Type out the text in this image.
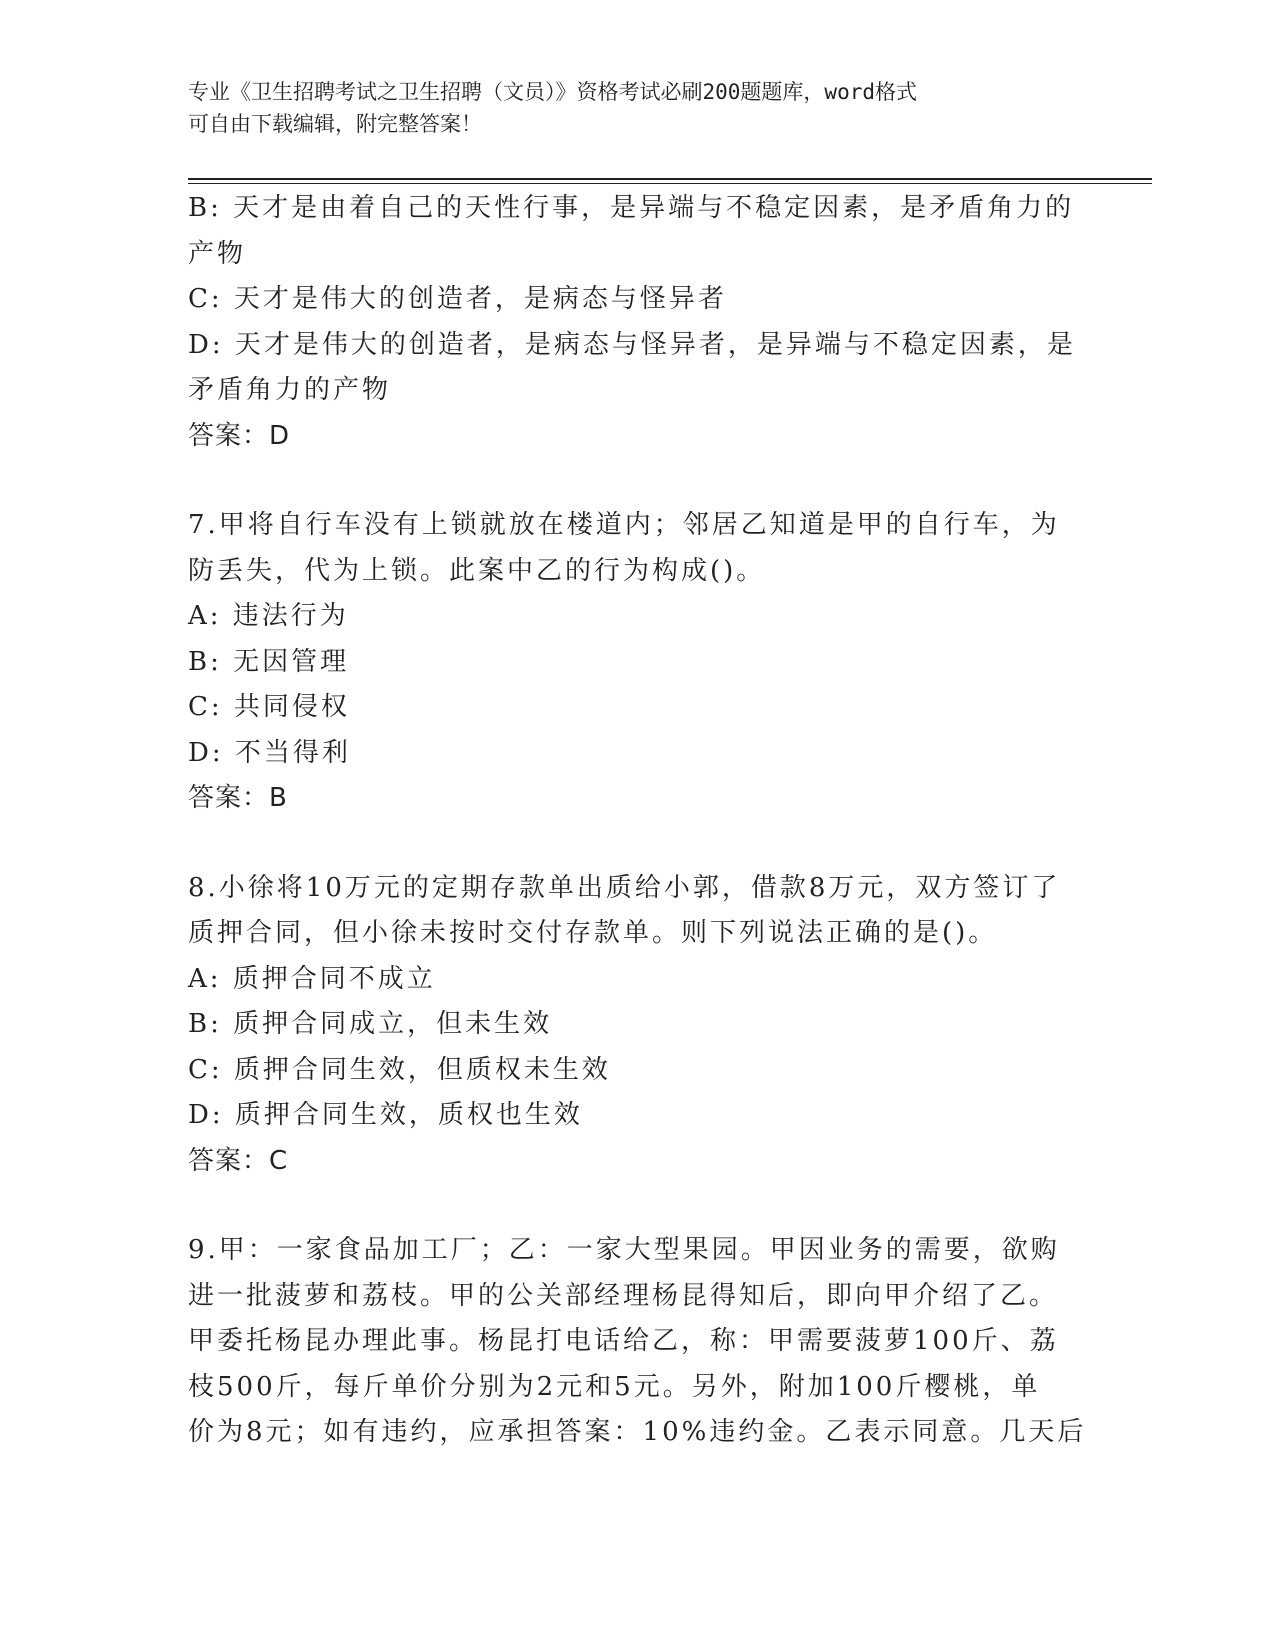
专业《卫生招聘考试之卫生招聘（文员）》资格考试必刷200题题库，word格式

可自由下载编辑，附完整答案！

B: 天才是由着自己的天性行事，是异端与不稳定因素，是矛盾角力的

产物

C: 天才是伟大的创造者，是病态与怪异者

D: 天才是伟大的创造者，是病态与怪异者，是异端与不稳定因素，是

矛盾角力的产物

答案：D

7.甲将自行车没有上锁就放在楼道内；邻居乙知道是甲的自行车，为

防丢失，代为上锁。此案中乙的行为构成()。

A: 违法行为

B: 无因管理

C: 共同侵权

D: 不当得利

答案：B

8.小徐将10万元的定期存款单出质给小郭，借款8万元，双方签订了

质押合同，但小徐未按时交付存款单。则下列说法正确的是()。

A: 质押合同不成立

B: 质押合同成立，但未生效

C: 质押合同生效，但质权未生效

D: 质押合同生效，质权也生效

答案：C

9.甲：一家食品加工厂；乙：一家大型果园。甲因业务的需要，欲购

进一批菠萝和荔枝。甲的公关部经理杨昆得知后，即向甲介绍了乙。

甲委托杨昆办理此事。杨昆打电话给乙，称：甲需要菠萝100斤、荔

枝500斤，每斤单价分别为2元和5元。另外，附加100斤樱桃，单

价为8元；如有违约，应承担答案：10%违约金。乙表示同意。几天后
